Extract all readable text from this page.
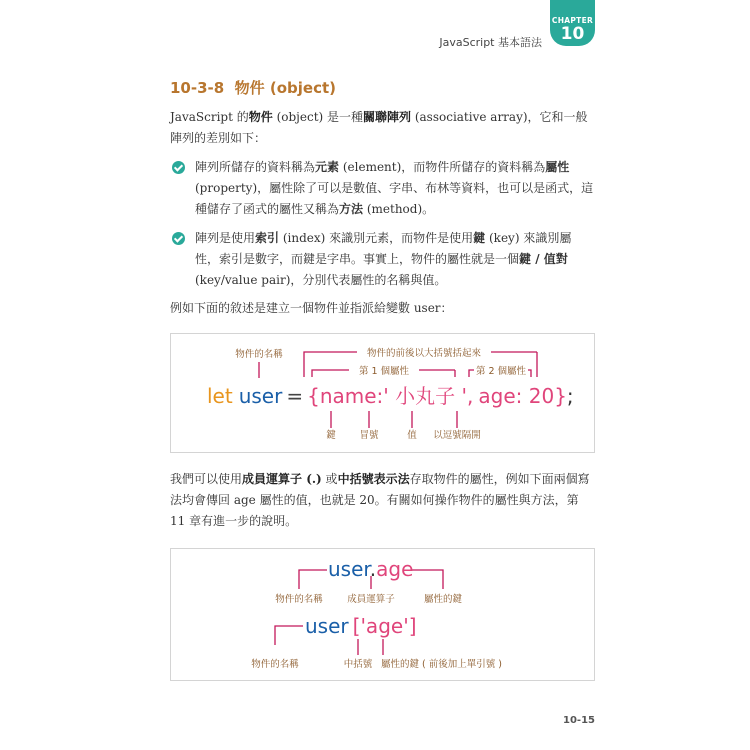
JavaScript 基本語法
CHAPTER
10
10-3-8 物件 (object)
JavaScript 的物件 (object) 是一種關聯陣列 (associative array)，它和一般陣列的差別如下：
陣列所儲存的資料稱為元素 (element)，而物件所儲存的資料稱為屬性 (property)，屬性除了可以是數值、字串、布林等資料，也可以是函式，這種儲存了函式的屬性又稱為方法 (method)。
陣列是使用索引 (index) 來識別元素，而物件是使用鍵 (key) 來識別屬性，索引是數字，而鍵是字串。事實上，物件的屬性就是一個鍵 / 值對 (key/value pair)，分別代表屬性的名稱與值。
例如下面的敘述是建立一個物件並指派給變數 user：
物件的名稱	物件的前後以大括號括起來
第 1 個屬性	第 2 個屬性
鍵 冒號	值 以逗號隔開
let user = {name:' 小丸子 ', age: 20};
我們可以使用成員運算子 (.) 或中括號表示法存取物件的屬性，例如下面兩個寫法均會傳回 age 屬性的值，也就是 20。有關如何操作物件的屬性與方法，第 11 章有進一步的說明。
user.age
user ['age']
物件的名稱	成員運算子	屬性的鍵
物件的名稱	中括號 屬性的鍵 ( 前後加上單引號 )
10-15
